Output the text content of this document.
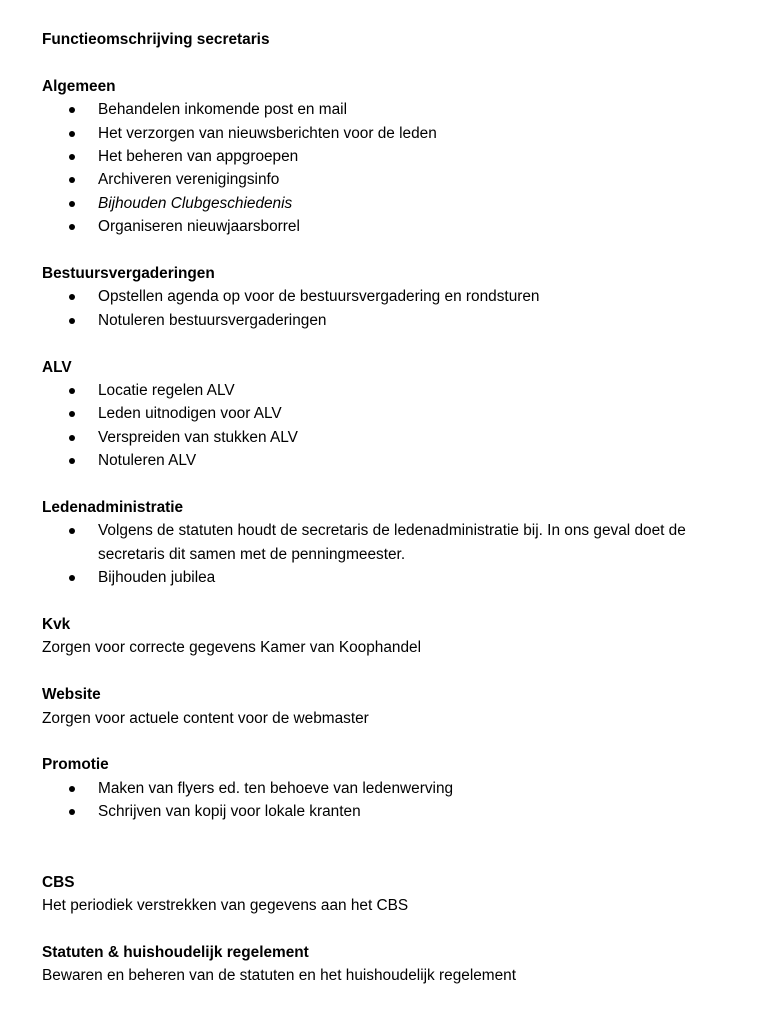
Functieomschrijving secretaris

Algemeen

Behandelen inkomende post en mail
Het verzorgen van nieuwsberichten voor de leden
Het beheren van appgroepen
Archiveren verenigingsinfo
Bijhouden Clubgeschiedenis
Organiseren nieuwjaarsborrel

Bestuursvergaderingen

Opstellen agenda op voor de bestuursvergadering en rondsturen
Notuleren bestuursvergaderingen

ALV

Locatie regelen ALV
Leden uitnodigen voor ALV
Verspreiden van stukken ALV
Notuleren ALV

Ledenadministratie

Volgens de statuten houdt de secretaris de ledenadministratie bij. In ons geval doet de secretaris dit samen met de penningmeester.
Bijhouden jubilea

Kvk

Zorgen voor correcte gegevens Kamer van Koophandel

Website

Zorgen voor actuele content voor de webmaster

Promotie

Maken van flyers ed. ten behoeve van ledenwerving
Schrijven van kopij voor lokale kranten

CBS

Het periodiek verstrekken van gegevens aan het CBS

Statuten & huishoudelijk regelement

Bewaren en beheren van de statuten en het huishoudelijk regelement
